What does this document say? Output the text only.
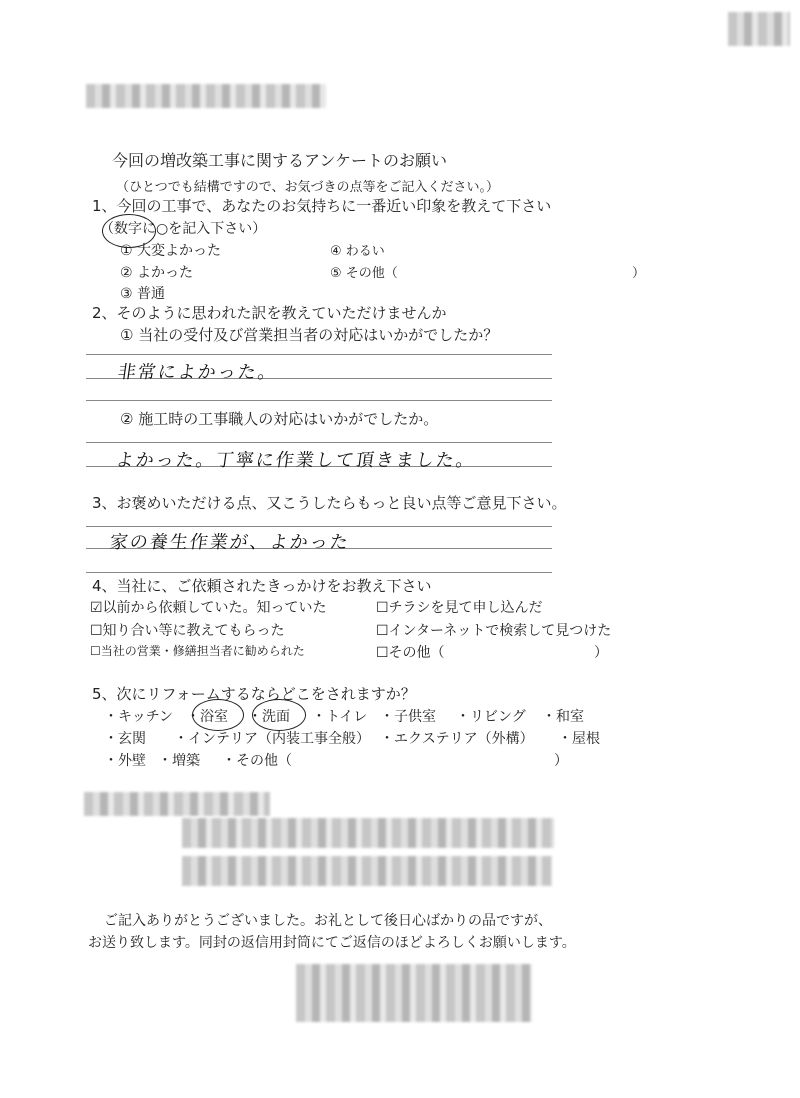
今回の増改築工事に関するアンケートのお願い
（ひとつでも結構ですので、お気づきの点等をご記入ください。）
1、今回の工事で、あなたのお気持ちに一番近い印象を教えて下さい
（数字に○を記入下さい）
① 大変よかった
② よかった
③ 普通
④ わるい
⑤ その他（	）
2、そのように思われた訳を教えていただけませんか
① 当社の受付及び営業担当者の対応はいかがでしたか？
非常によかった。
② 施工時の工事職人の対応はいかがでしたか。
よかった。丁寧に作業して頂きました。
3、お褒めいただける点、又こうしたらもっと良い点等ご意見下さい。
家の養生作業が、よかった
4、当社に、ご依頼されたきっかけをお教え下さい
☑以前から依頼していた。知っていた	☐チラシを見て申し込んだ
☐知り合い等に教えてもらった	☐インターネットで検索して見つけた
☐当社の営業・修繕担当者に勧められた	☐その他（	）
5、次にリフォームするならどこをされますか？
・キッチン ・浴室 ・洗面 ・トイレ ・子供室 ・リビング ・和室
・玄関 ・インテリア（内装工事全般） ・エクステリア（外構） ・屋根
・外壁 ・増築 ・その他（	）
ご記入ありがとうございました。お礼として後日心ばかりの品ですが、
お送り致します。同封の返信用封筒にてご返信のほどよろしくお願いします。
